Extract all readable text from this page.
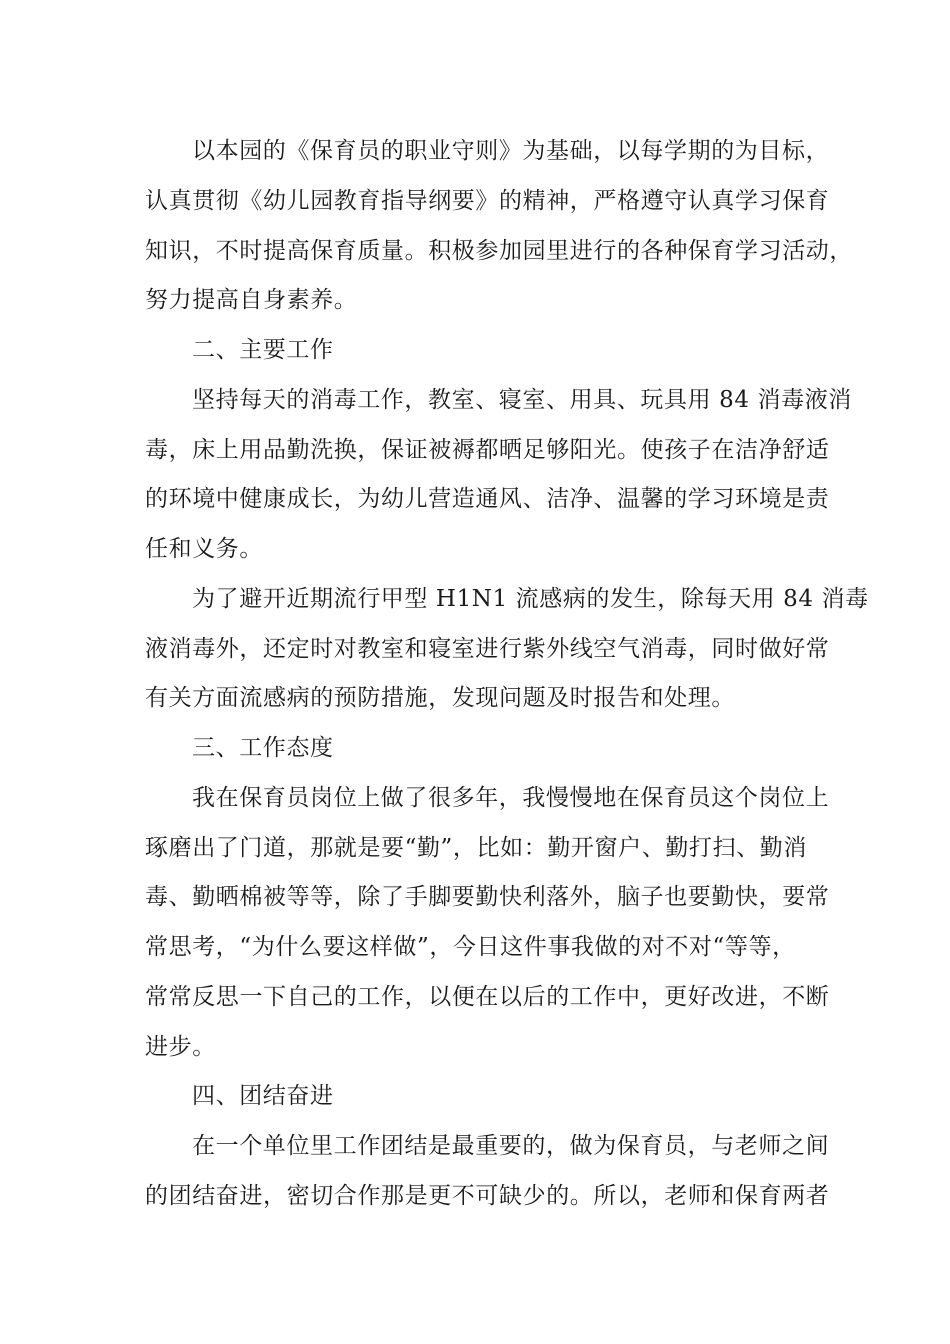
以本园的《保育员的职业守则》为基础，以每学期的为目标，
认真贯彻《幼儿园教育指导纲要》的精神，严格遵守认真学习保育
知识，不时提高保育质量。积极参加园里进行的各种保育学习活动，
努力提高自身素养。
二、主要工作
坚持每天的消毒工作，教室、寝室、用具、玩具用 84 消毒液消
毒，床上用品勤洗换，保证被褥都晒足够阳光。使孩子在洁净舒适
的环境中健康成长，为幼儿营造通风、洁净、温馨的学习环境是责
任和义务。
为了避开近期流行甲型 H1N1 流感病的发生，除每天用 84 消毒
液消毒外，还定时对教室和寝室进行紫外线空气消毒，同时做好常
有关方面流感病的预防措施，发现问题及时报告和处理。
三、工作态度
我在保育员岗位上做了很多年，我慢慢地在保育员这个岗位上
琢磨出了门道，那就是要“勤”，比如：勤开窗户、勤打扫、勤消
毒、勤晒棉被等等，除了手脚要勤快利落外，脑子也要勤快，要常
常思考，“为什么要这样做”，今日这件事我做的对不对“等等，
常常反思一下自己的工作，以便在以后的工作中，更好改进，不断
进步。
四、团结奋进
在一个单位里工作团结是最重要的，做为保育员，与老师之间
的团结奋进，密切合作那是更不可缺少的。所以，老师和保育两者
